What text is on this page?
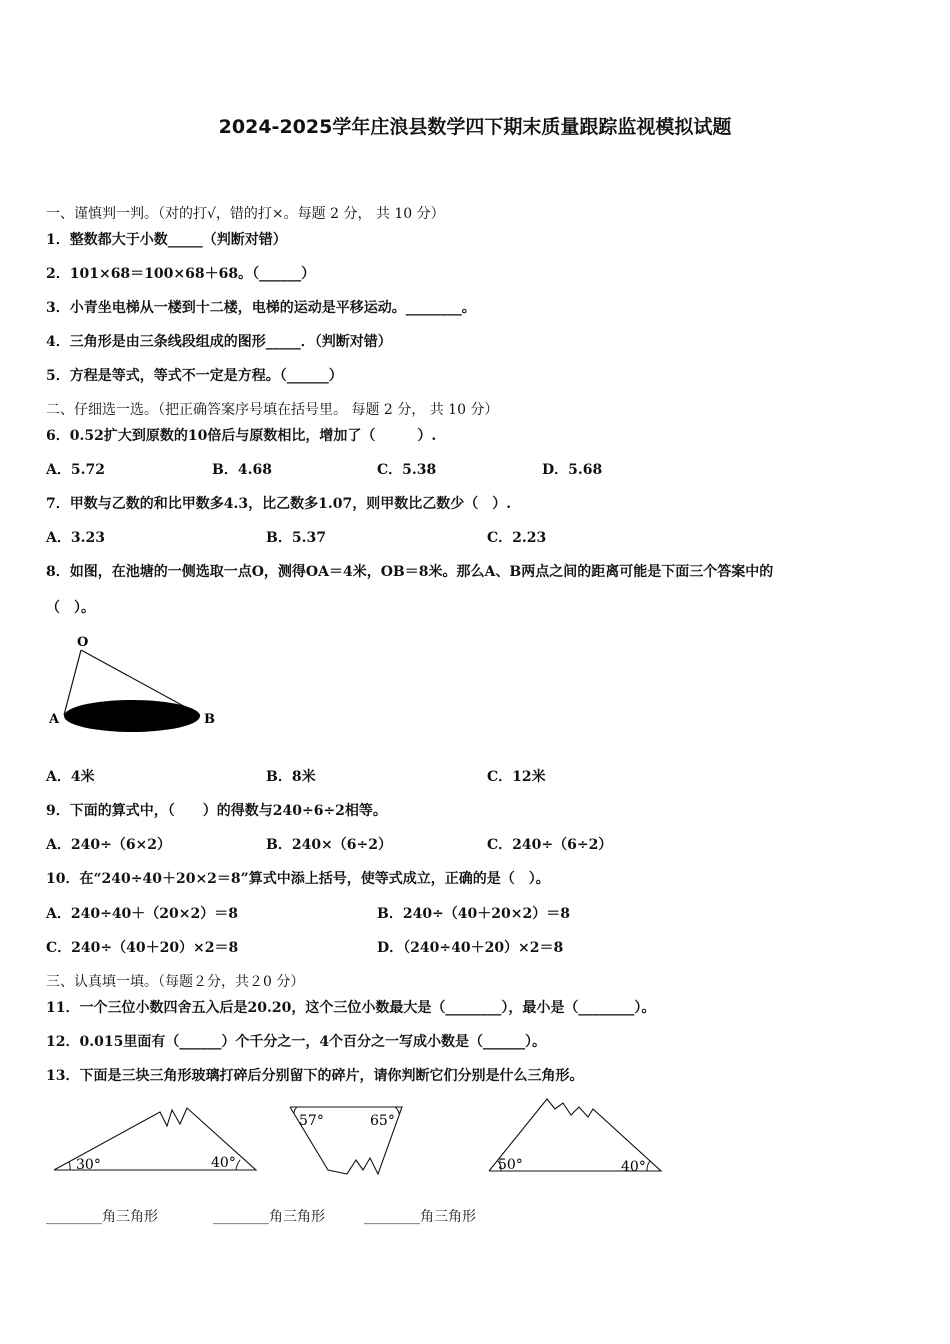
2024-2025学年庄浪县数学四下期末质量跟踪监视模拟试题
一、谨慎判一判。（对的打√，错的打×。每题 2 分， 共 10 分）
1．整数都大于小数_____（判断对错）
2．101×68＝100×68＋68。（______）
3．小青坐电梯从一楼到十二楼，电梯的运动是平移运动。________。
4．三角形是由三条线段组成的图形_____．（判断对错）
5．方程是等式，等式不一定是方程。（______）
二、仔细选一选。（把正确答案序号填在括号里。 每题 2 分， 共 10 分）
6．0.52扩大到原数的10倍后与原数相比，增加了（　　　）.
A．5.72	B．4.68	C．5.38	D．5.68
7．甲数与乙数的和比甲数多4.3，比乙数多1.07，则甲数比乙数少（　）.
A．3.23	B．5.37	C．2.23
8．如图，在池塘的一侧选取一点O，测得OA＝4米，OB＝8米。那么A、B两点之间的距离可能是下面三个答案中的
（　）。
O
A	B
A．4米	B．8米	C．12米
9．下面的算式中，（　　）的得数与240÷6÷2相等。
A．240÷（6×2）	B．240×（6÷2）	C．240÷（6÷2）
10．在“240÷40＋20×2＝8”算式中添上括号，使等式成立，正确的是（　）。
A．240÷40＋（20×2）＝8	B．240÷（40＋20×2）＝8
C．240÷（40＋20）×2＝8	D．（240÷40＋20）×2＝8
三、认真填一填。（每题２分，共２0 分）
11．一个三位小数四舍五入后是20.20，这个三位小数最大是（________），最小是（________）。
12．0.015里面有（______）个千分之一，4个百分之一写成小数是（______）。
13．下面是三块三角形玻璃打碎后分别留下的碎片，请你判断它们分别是什么三角形。
30°	40°
57°	65°
50°	40°
________角三角形	________角三角形	________角三角形
